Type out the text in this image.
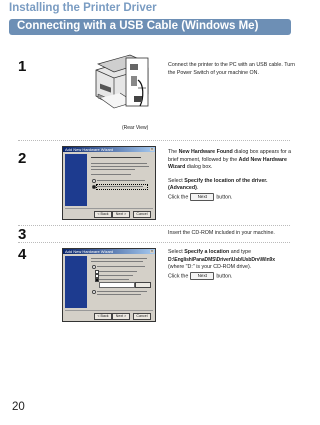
Installing the Printer Driver
Connecting with a USB Cable (Windows Me)
1
(Rear View)
Connect the printer to the PC with an USB cable. Turn the Power Switch of your machine ON.
2
Add New Hardware Wizard	×
< Back	Next >	Cancel
The New Hardware Found dialog box appears for a brief moment, followed by the Add New Hardware Wizard dialog box.
Select Specify the location of the driver. (Advanced).
Click the Next button.
3	Insert the CD-ROM included in your machine.
4	Add New Hardware Wizard	×
< Back	Next >	Cancel
Select Specify a location and type
D:\English\PanaDMS\Driver\Usb\UsbDrv\Win9x
(where "D:" is your CD-ROM drive).
Click the Next button.
20
